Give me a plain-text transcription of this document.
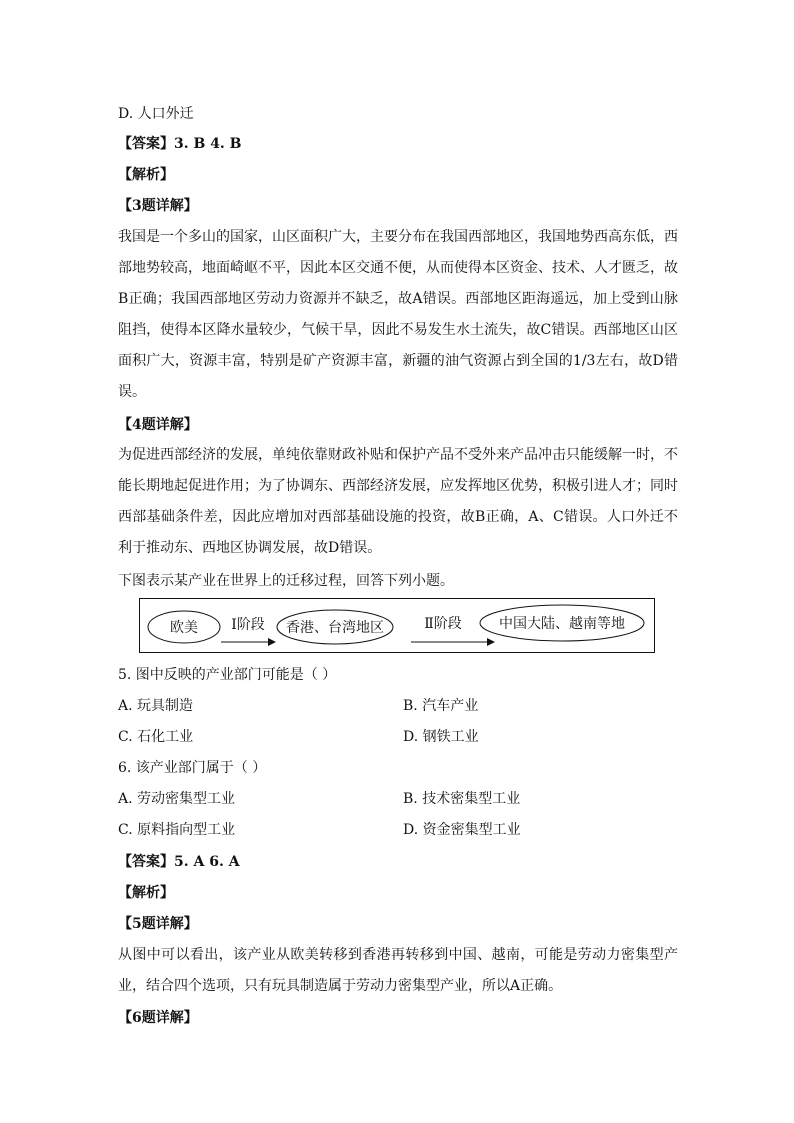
D. 人口外迁
【答案】3. B 4. B
【解析】
【3题详解】
我国是一个多山的国家，山区面积广大，主要分布在我国西部地区，我国地势西高东低，西部地势较高，地面崎岖不平，因此本区交通不便，从而使得本区资金、技术、人才匮乏，故B正确；我国西部地区劳动力资源并不缺乏，故A错误。西部地区距海遥远，加上受到山脉阻挡，使得本区降水量较少，气候干旱，因此不易发生水土流失，故C错误。西部地区山区面积广大，资源丰富，特别是矿产资源丰富，新疆的油气资源占到全国的1/3左右，故D错误。
【4题详解】
为促进西部经济的发展，单纯依靠财政补贴和保护产品不受外来产品冲击只能缓解一时，不能长期地起促进作用；为了协调东、西部经济发展，应发挥地区优势，积极引进人才；同时西部基础条件差，因此应增加对西部基础设施的投资，故B正确，A、C错误。人口外迁不利于推动东、西地区协调发展，故D错误。
下图表示某产业在世界上的迁移过程，回答下列小题。
欧美 Ⅰ阶段 香港、台湾地区	Ⅱ阶段	中国大陆、越南等地
5. 图中反映的产业部门可能是（ ）
A. 玩具制造	B. 汽车产业
C. 石化工业	D. 钢铁工业
6. 该产业部门属于（ ）
A. 劳动密集型工业	B. 技术密集型工业
C. 原料指向型工业	D. 资金密集型工业
【答案】5. A 6. A
【解析】
【5题详解】
从图中可以看出，该产业从欧美转移到香港再转移到中国、越南，可能是劳动力密集型产业，结合四个选项，只有玩具制造属于劳动力密集型产业，所以A正确。
【6题详解】
